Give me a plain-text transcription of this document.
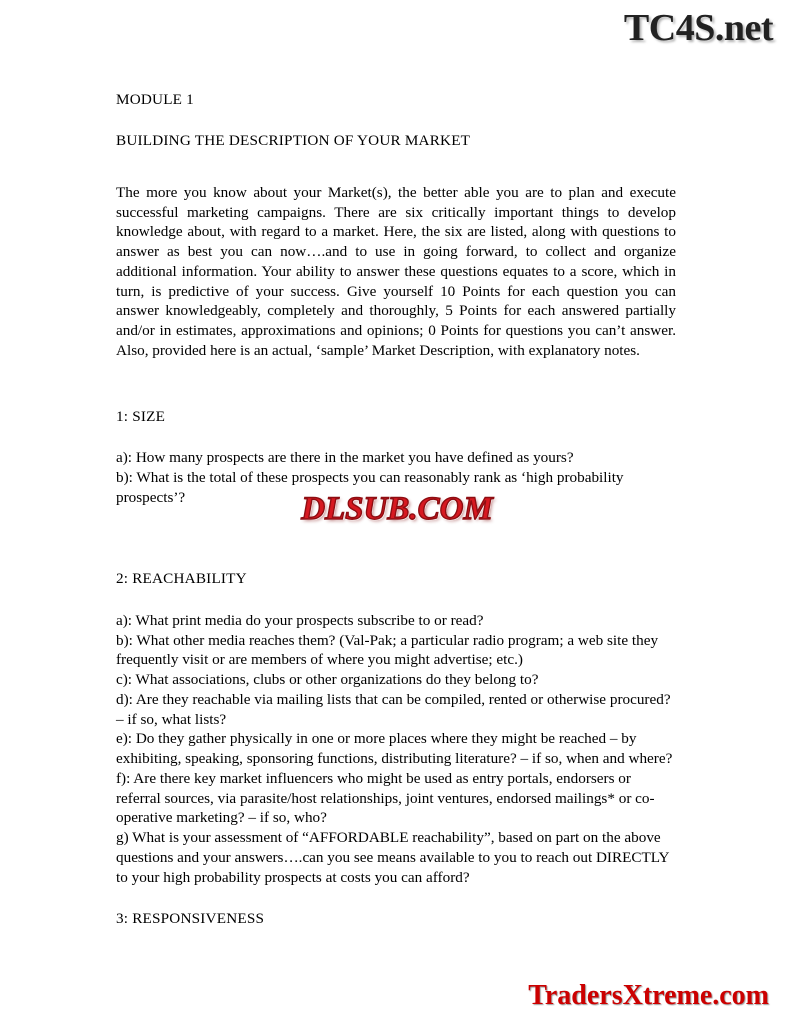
TC4S.net

MODULE 1

BUILDING THE DESCRIPTION OF YOUR MARKET

The more you know about your Market(s), the better able you are to plan and execute successful marketing campaigns. There are six critically important things to develop knowledge about, with regard to a market. Here, the six are listed, along with questions to answer as best you can now….and to use in going forward, to collect and organize additional information. Your ability to answer these questions equates to a score, which in turn, is predictive of your success. Give yourself 10 Points for each question you can answer knowledgeably, completely and thoroughly, 5 Points for each answered partially and/or in estimates, approximations and opinions; 0 Points for questions you can’t answer. Also, provided here is an actual, ‘sample’ Market Description, with explanatory notes.

1: SIZE

a): How many prospects are there in the market you have defined as yours?

b): What is the total of these prospects you can reasonably rank as ‘high probability prospects’?

2: REACHABILITY

a): What print media do your prospects subscribe to or read?

b): What other media reaches them? (Val-Pak; a particular radio program; a web site they frequently visit or are members of where you might advertise; etc.)

c): What associations, clubs or other organizations do they belong to?

d): Are they reachable via mailing lists that can be compiled, rented or otherwise procured? – if so, what lists?

e): Do they gather physically in one or more places where they might be reached – by exhibiting, speaking, sponsoring functions, distributing literature? – if so, when and where?

f): Are there key market influencers who might be used as entry portals, endorsers or referral sources, via parasite/host relationships, joint ventures, endorsed mailings* or co-operative marketing? – if so, who?

g) What is your assessment of “AFFORDABLE reachability”, based on part on the above questions and your answers….can you see means available to you to reach out DIRECTLY to your high probability prospects at costs you can afford?

3: RESPONSIVENESS

DLSUB.COM
TradersXtreme.com
